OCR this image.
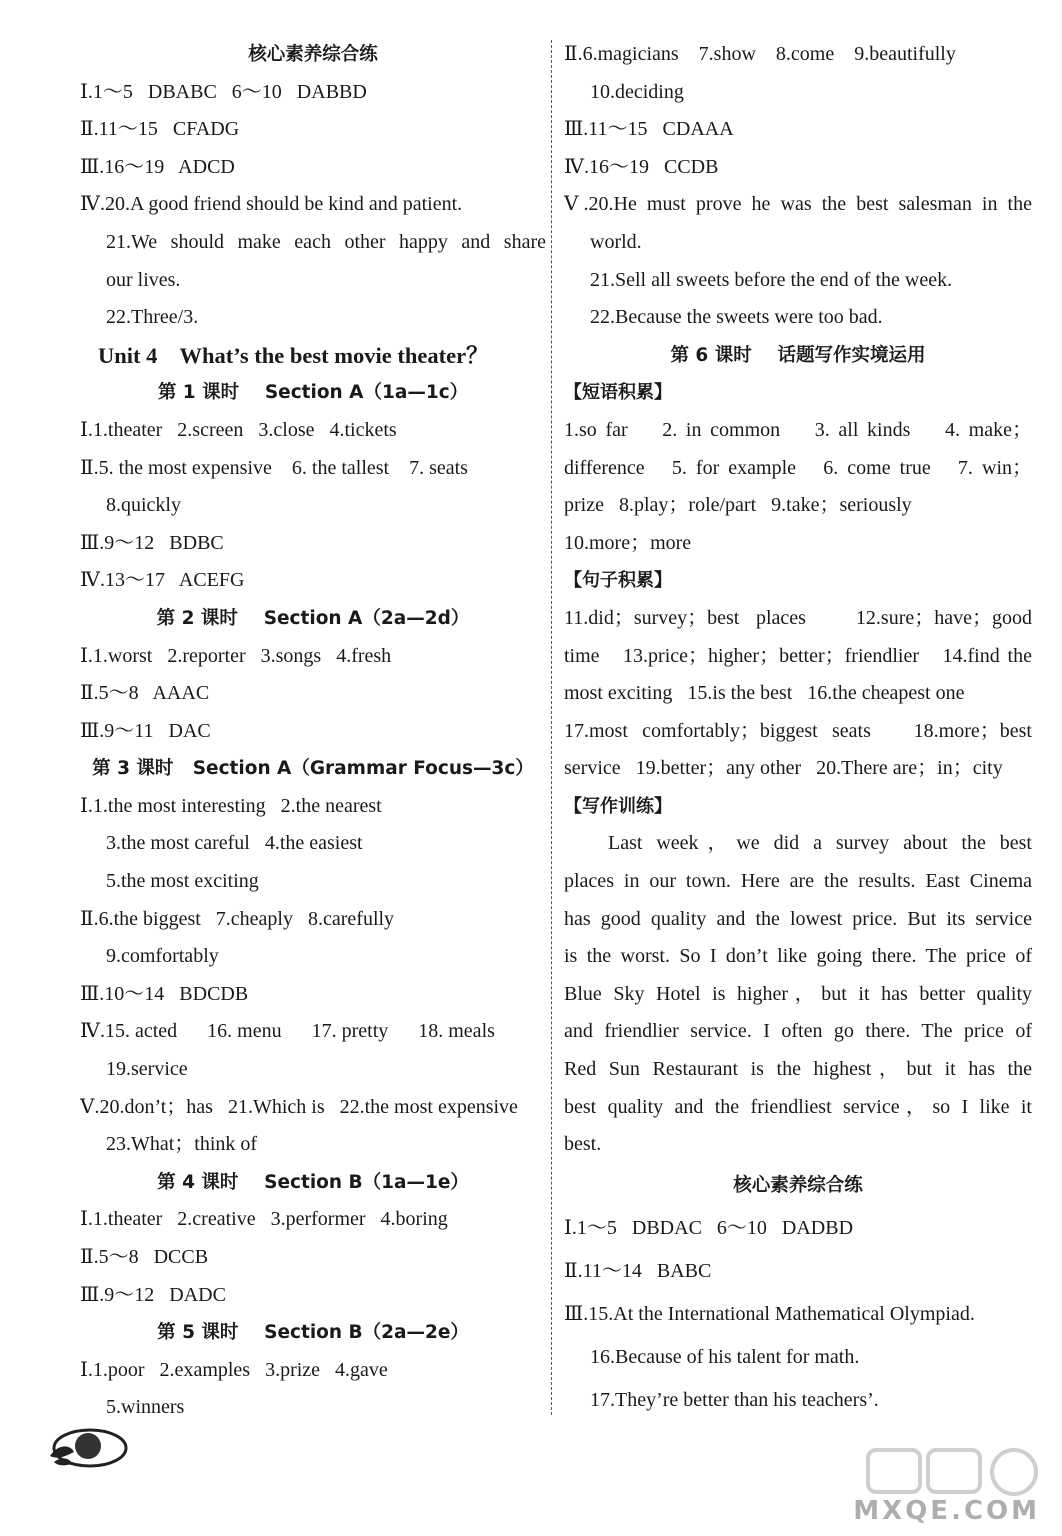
核心素养综合练
Ⅰ.1～5   DBABC   6～10   DABBD
Ⅱ.11～15   CFADG
Ⅲ.16～19   ADCD
Ⅳ.20.A good friend should be kind and patient.
21.We should make each other happy and share
our lives.
22.Three/3.
Unit 4    What’s the best movie theater？
第 1 课时    Section A（1a—1c）
Ⅰ.1.theater   2.screen   3.close   4.tickets
Ⅱ.5. the most expensive    6. the tallest    7. seats
8.quickly
Ⅲ.9～12   BDBC
Ⅳ.13～17   ACEFG
第 2 课时    Section A（2a—2d）
Ⅰ.1.worst   2.reporter   3.songs   4.fresh
Ⅱ.5～8   AAAC
Ⅲ.9～11   DAC
第 3 课时   Section A（Grammar Focus—3c）
Ⅰ.1.the most interesting   2.the nearest
3.the most careful   4.the easiest
5.the most exciting
Ⅱ.6.the biggest   7.cheaply   8.carefully
9.comfortably
Ⅲ.10～14   BDCDB
Ⅳ.15. acted      16. menu      17. pretty      18. meals
19.service
Ⅴ.20.don’t；has   21.Which is   22.the most expensive
23.What；think of
第 4 课时    Section B（1a—1e）
Ⅰ.1.theater   2.creative   3.performer   4.boring
Ⅱ.5～8   DCCB
Ⅲ.9～12   DADC
第 5 课时    Section B（2a—2e）
Ⅰ.1.poor   2.examples   3.prize   4.gave
5.winners
Ⅱ.6.magicians    7.show    8.come    9.beautifully
10.deciding
Ⅲ.11～15   CDAAA
Ⅳ.16～19   CCDB
Ⅴ.20.He must prove he was the best salesman in the
world.
21.Sell all sweets before the end of the week.
22.Because the sweets were too bad.
第 6 课时    话题写作实境运用
【短语积累】
1.so far    2. in common    3. all kinds    4. make；
difference   5. for example   6. come true   7. win；
prize   8.play；role/part   9.take；seriously
10.more；more
【句子积累】
11.did；survey；best places   12.sure；have；good
time   13.price；higher；better；friendlier   14.find the
most exciting   15.is the best   16.the cheapest one
17.most comfortably；biggest seats   18.more；best
service   19.better；any other   20.There are；in；city
【写作训练】
Last week，we did a survey about the best
places in our town. Here are the results. East Cinema
has good quality and the lowest price. But its service
is the worst. So I don’t like going there. The price of
Blue Sky Hotel is higher，but it has better quality
and friendlier service. I often go there. The price of
Red Sun Restaurant is the highest，but it has the
best quality and the friendliest service，so I like it
best.
核心素养综合练
Ⅰ.1～5   DBDAC   6～10   DADBD
Ⅱ.11～14   BABC
Ⅲ.15.At the International Mathematical Olympiad.
16.Because of his talent for math.
17.They’re better than his teachers’.
4
MXQE.COM
